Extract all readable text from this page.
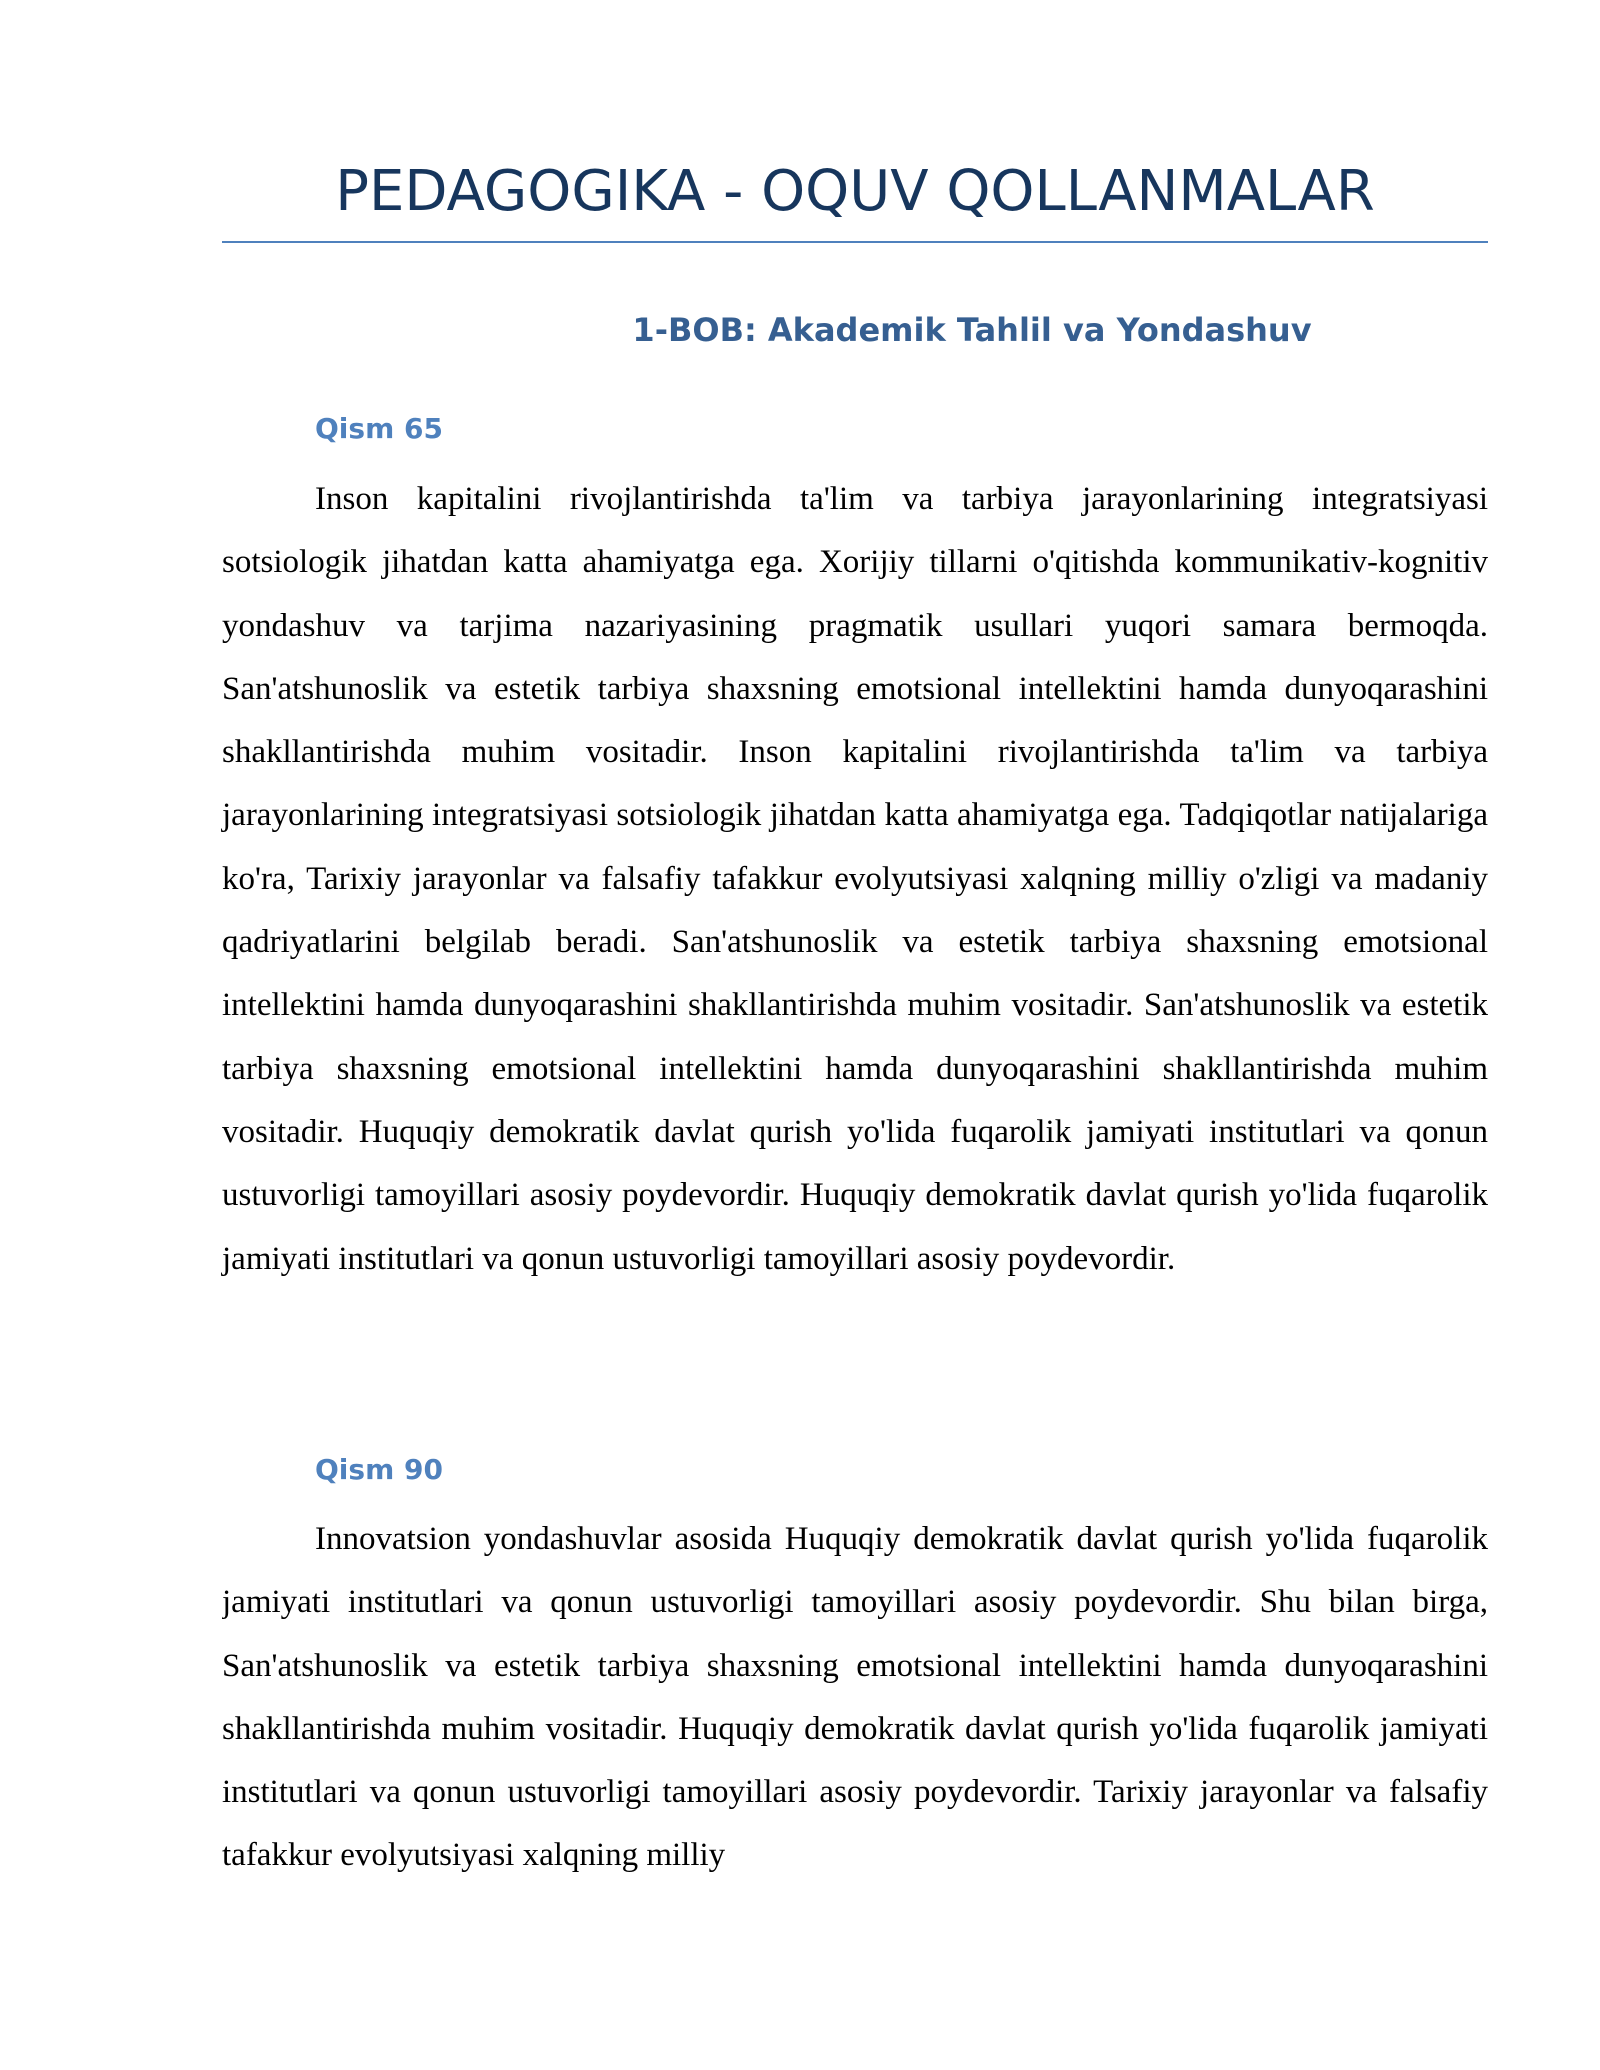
PEDAGOGIKA - OQUV QOLLANMALAR
1-BOB: Akademik Tahlil va Yondashuv
Qism 65

Inson kapitalini rivojlantirishda ta'lim va tarbiya jarayonlarining integratsiyasi sotsiologik jihatdan katta ahamiyatga ega. Xorijiy tillarni o'qitishda kommunikativ-kognitiv yondashuv va tarjima nazariyasining pragmatik usullari yuqori samara bermoqda. San'atshunoslik va estetik tarbiya shaxsning emotsional intellektini hamda dunyoqarashini shakllantirishda muhim vositadir. Inson kapitalini rivojlantirishda ta'lim va tarbiya jarayonlarining integratsiyasi sotsiologik jihatdan katta ahamiyatga ega. Tadqiqotlar natijalariga ko'ra, Tarixiy jarayonlar va falsafiy tafakkur evolyutsiyasi xalqning milliy o'zligi va madaniy qadriyatlarini belgilab beradi. San'atshunoslik va estetik tarbiya shaxsning emotsional intellektini hamda dunyoqarashini shakllantirishda muhim vositadir. San'atshunoslik va estetik tarbiya shaxsning emotsional intellektini hamda dunyoqarashini shakllantirishda muhim vositadir. Huquqiy demokratik davlat qurish yo'lida fuqarolik jamiyati institutlari va qonun ustuvorligi tamoyillari asosiy poydevordir. Huquqiy demokratik davlat qurish yo'lida fuqarolik jamiyati institutlari va qonun ustuvorligi tamoyillari asosiy poydevordir.

Qism 90

Innovatsion yondashuvlar asosida Huquqiy demokratik davlat qurish yo'lida fuqarolik jamiyati institutlari va qonun ustuvorligi tamoyillari asosiy poydevordir. Shu bilan birga, San'atshunoslik va estetik tarbiya shaxsning emotsional intellektini hamda dunyoqarashini shakllantirishda muhim vositadir. Huquqiy demokratik davlat qurish yo'lida fuqarolik jamiyati institutlari va qonun ustuvorligi tamoyillari asosiy poydevordir. Tarixiy jarayonlar va falsafiy tafakkur evolyutsiyasi xalqning milliy
